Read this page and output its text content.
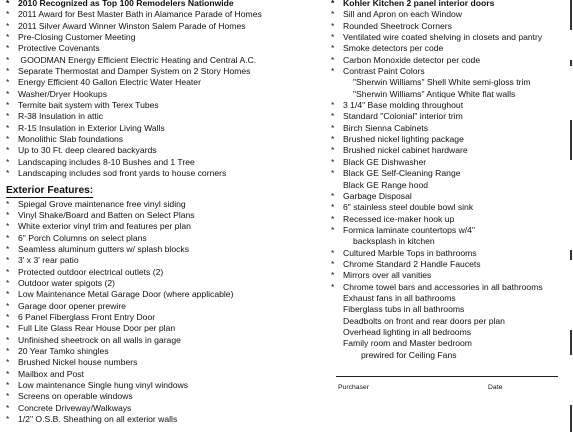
* 2010 Recognized as Top 100 Remodelers Nationwide
* 2011 Award for Best Master Bath in Alamance Parade of Homes
* 2011 Silver Award Winner Winston Salem Parade of Homes
* Pre-Closing Customer Meeting
* Protective Covenants
* GOODMAN Energy Efficient Electric Heating and Central A.C.
* Separate Thermostat and Damper System on 2 Story Homes
* Energy Efficient 40 Gallon Electric Water Heater
* Washer/Dryer Hookups
* Termite bait system with Terex Tubes
* R-38 Insulation in attic
* R-15 Insulation in Exterior Living Walls
* Monolithic Slab foundations
* Up to 30 Ft. deep cleared backyards
* Landscaping includes 8-10 Bushes and 1 Tree
* Landscaping includes sod front yards to house corners
Exterior Features:
* Spiegal Grove maintenance free vinyl siding
* Vinyl Shake/Board and Batten on Select Plans
* White exterior vinyl trim and features per plan
* 6" Porch Columns on select plans
* Seamless aluminum gutters w/ splash blocks
* 3' x 3' rear patio
* Protected outdoor electrical outlets (2)
* Outdoor water spigots (2)
* Low Maintenance Metal Garage Door (where applicable)
* Garage door opener prewire
* 6 Panel Fiberglass Front Entry Door
* Full Lite Glass Rear House Door per plan
* Unfinished sheetrock on all walls in garage
* 20 Year Tamko shingles
* Brushed Nickel house numbers
* Mailbox and Post
* Low maintenance Single hung vinyl windows
* Screens on operable windows
* Concrete Driveway/Walkways
* 1/2" O.S.B. Sheathing on all exterior walls
* Kohler Kitchen 2 panel interior doors
* Sill and Apron on each Window
* Rounded Sheetrock Corners
* Ventilated wire coated shelving in closets and pantry
* Smoke detectors per code
* Carbon Monoxide detector per code
* Contrast Paint Colors
"Sherwin Williams" Shell White semi-gloss trim
"Sherwin Williams" Antique White flat walls
* 3 1/4" Base molding throughout
* Standard "Colonial" interior trim
* Birch Sienna Cabinets
* Brushed nickel lighting package
* Brushed nickel cabinet hardware
* Black GE Dishwasher
* Black GE Self-Cleaning Range
Black GE Range hood
* Garbage Disposal
* 6" stainless steel double bowl sink
* Recessed ice-maker hook up
* Formica laminate countertops w/4"
backsplash in kitchen
* Cultured Marble Tops in bathrooms
* Chrome Standard 2 Handle Faucets
* Mirrors over all vanities
* Chrome towel bars and accessories in all bathrooms
Exhaust fans in all bathrooms
Fiberglass tubs in all bathrooms
Deadbolts on front and rear doors per plan
Overhead lighting in all bedrooms
Family room and Master bedroom
prewired for Ceiling Fans
Purchaser	Date
